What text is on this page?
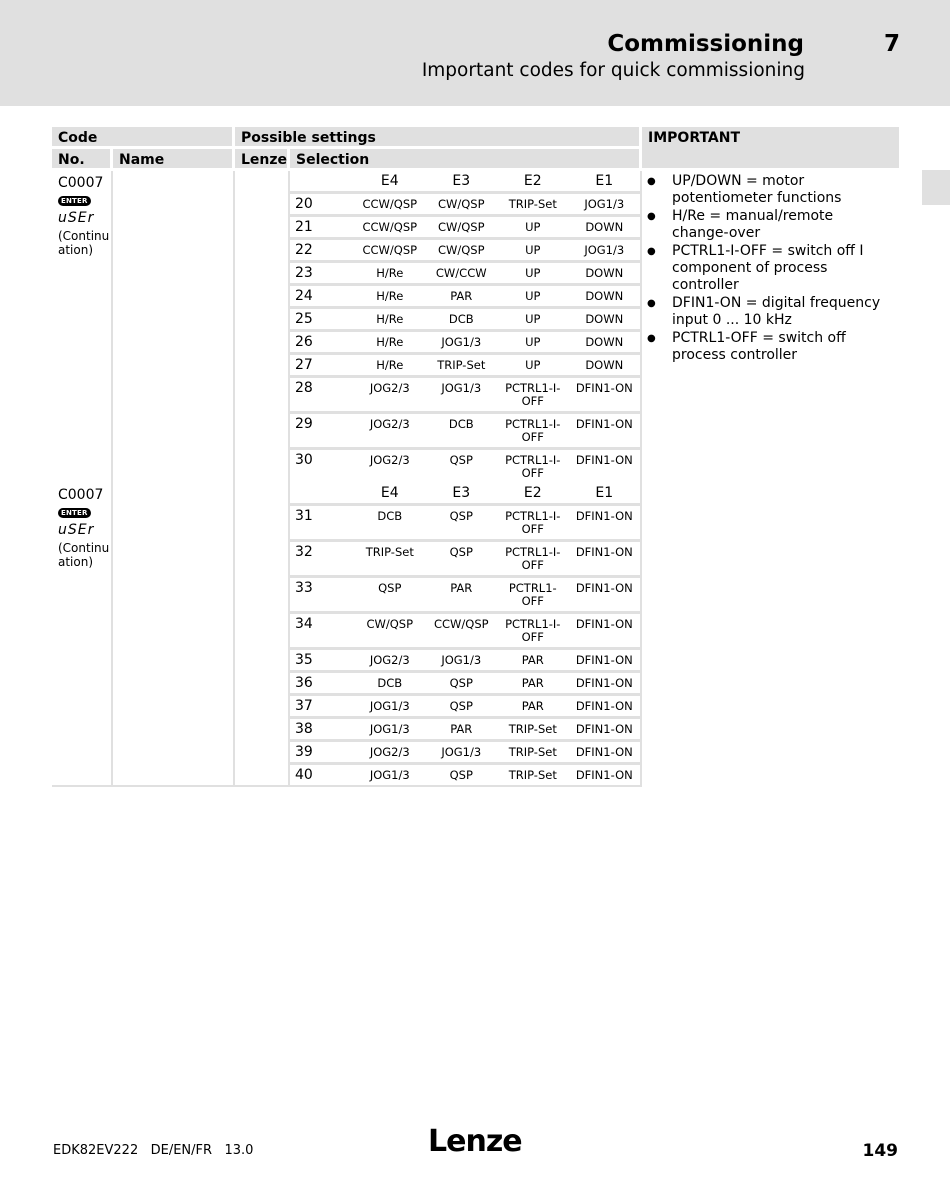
Commissioning	7
Important codes for quick commissioning
Code	Possible settings	IMPORTANT
No.	Name	Lenze	Selection

C0007
ENTER
uSEr
(Continu ation)

	E4	E3	E2	E1
20	CCW/QSP	CW/QSP	TRIP-Set	JOG1/3
21	CCW/QSP	CW/QSP	UP	DOWN
22	CCW/QSP	CW/QSP	UP	JOG1/3
23	H/Re	CW/CCW	UP	DOWN
24	H/Re	PAR	UP	DOWN
25	H/Re	DCB	UP	DOWN
26	H/Re	JOG1/3	UP	DOWN
27	H/Re	TRIP-Set	UP	DOWN
28	JOG2/3	JOG1/3	PCTRL1-I-OFF	DFIN1-ON
29	JOG2/3	DCB	PCTRL1-I-OFF	DFIN1-ON
30	JOG2/3	QSP	PCTRL1-I-OFF	DFIN1-ON

● UP/DOWN = motor potentiometer functions
● H/Re = manual/remote change-over
● PCTRL1-I-OFF = switch off I component of process controller
● DFIN1-ON = digital frequency input 0 ... 10 kHz
● PCTRL1-OFF = switch off process controller

C0007
ENTER
uSEr
(Continu ation)

	E4	E3	E2	E1
31	DCB	QSP	PCTRL1-I-OFF	DFIN1-ON
32	TRIP-Set	QSP	PCTRL1-I-OFF	DFIN1-ON
33	QSP	PAR	PCTRL1-OFF	DFIN1-ON
34	CW/QSP	CCW/QSP	PCTRL1-I-OFF	DFIN1-ON
35	JOG2/3	JOG1/3	PAR	DFIN1-ON
36	DCB	QSP	PAR	DFIN1-ON
37	JOG1/3	QSP	PAR	DFIN1-ON
38	JOG1/3	PAR	TRIP-Set	DFIN1-ON
39	JOG2/3	JOG1/3	TRIP-Set	DFIN1-ON
40	JOG1/3	QSP	TRIP-Set	DFIN1-ON
EDK82EV222   DE/EN/FR   13.0	Lenze	149
